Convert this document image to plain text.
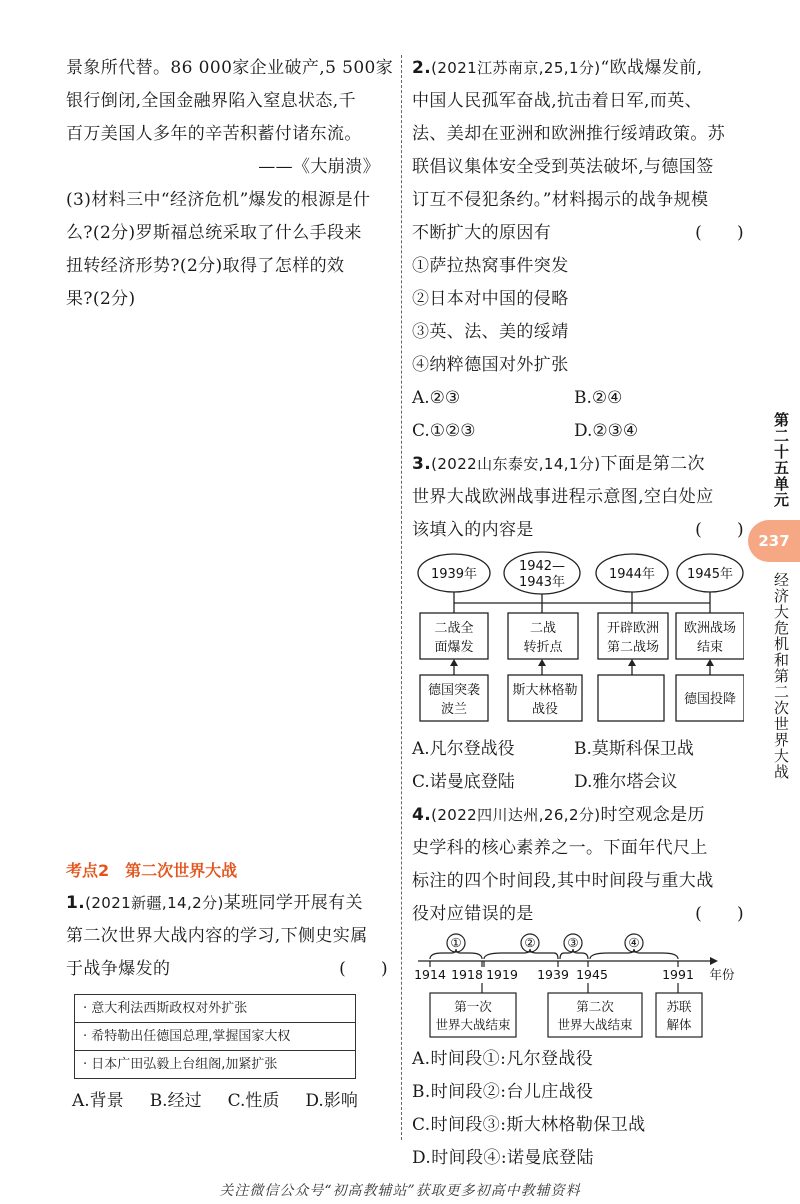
景象所代替。86 000家企业破产,5 500家

银行倒闭,全国金融界陷入窒息状态,千

百万美国人多年的辛苦积蓄付诸东流。

——《大崩溃》

(3)材料三中“经济危机”爆发的根源是什

么?(2分)罗斯福总统采取了什么手段来

扭转经济形势?(2分)取得了怎样的效

果?(2分)

考点2　第二次世界大战

1.(2021新疆,14,2分)某班同学开展有关

第二次世界大战内容的学习,下侧史实属

于战争爆发的	(　　)

· 意大利法西斯政权对外扩张
· 希特勒出任德国总理,掌握国家大权
· 日本广田弘毅上台组阁,加紧扩张
A.背景 B.经过 C.性质 D.影响

2.(2021江苏南京,25,1分)“欧战爆发前,

中国人民孤军奋战,抗击着日军,而英、

法、美却在亚洲和欧洲推行绥靖政策。苏

联倡议集体安全受到英法破坏,与德国签

订互不侵犯条约。”材料揭示的战争规模

不断扩大的原因有	(　　)

①萨拉热窝事件突发

②日本对中国的侵略

③英、法、美的绥靖

④纳粹德国对外扩张

A.②③	B.②④
C.①②③	D.②③④

3.(2022山东泰安,14,1分)下面是第二次

世界大战欧洲战事进程示意图,空白处应

该填入的内容是	(　　)

1939年
1942—
1943年
1944年 1945年
二战全
面爆发
二战
转折点
开辟欧洲
第二战场
欧洲战场
结束
德国突袭
波兰
斯大林格勒
战役
德国投降
A.凡尔登战役	B.莫斯科保卫战
C.诺曼底登陆	D.雅尔塔会议

4.(2022四川达州,26,2分)时空观念是历

史学科的核心素养之一。下面年代尺上

标注的四个时间段,其中时间段与重大战

役对应错误的是	(　　)

①	②	③	④
1914 1918 1919 1939 1945	1991 年份
第一次
世界大战结束
第二次
世界大战结束
苏联
解体

A.时间段①:凡尔登战役

B.时间段②:台儿庄战役

C.时间段③:斯大林格勒保卫战

D.时间段④:诺曼底登陆

第二十五单元
237
经济大危机和第二次世界大战
关注微信公众号“初高教辅站”获取更多初高中教辅资料
